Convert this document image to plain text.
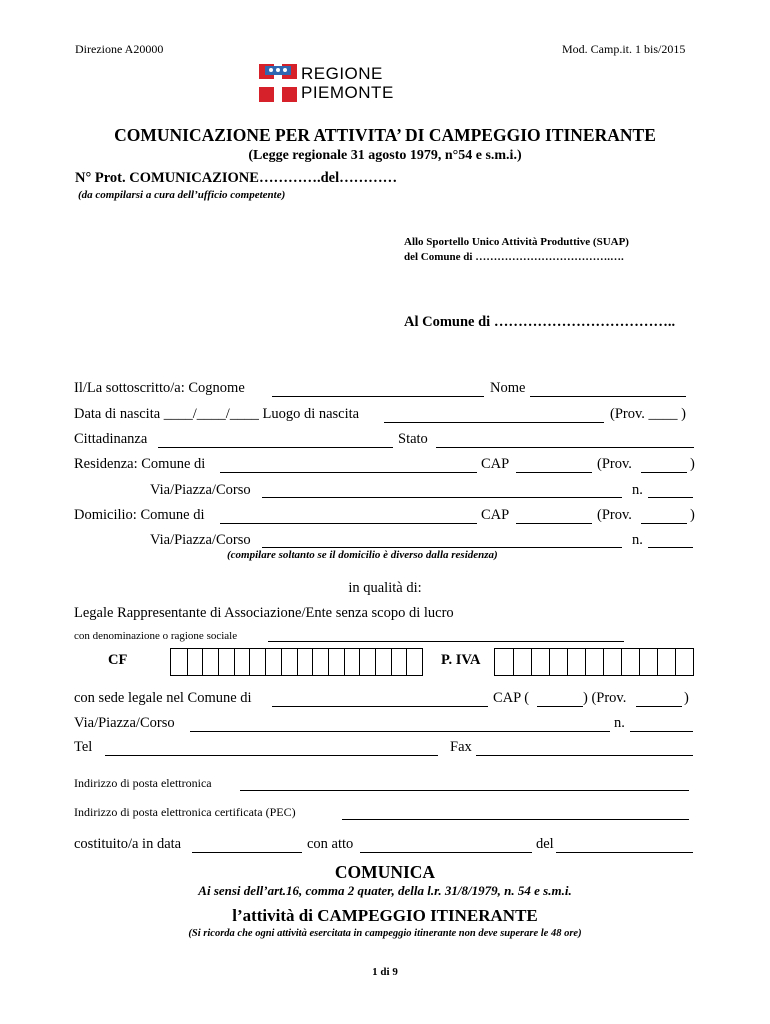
Direzione A20000	Mod. Camp.it. 1 bis/2015
REGIONE
PIEMONTE
COMUNICAZIONE PER ATTIVITA’ DI CAMPEGGIO ITINERANTE
(Legge regionale 31 agosto 1979, n°54 e s.m.i.)
N° Prot. COMUNICAZIONE………….del…………
(da compilarsi a cura dell’ufficio competente)
Allo Sportello Unico Attività Produttive (SUAP)
del Comune di ……………………………….….
Al Comune di ………………………………..
Il/La sottoscritto/a: Cognome	Nome
Data di nascita ____/____/____ Luogo di nascita	(Prov. ____ )
Cittadinanza	Stato
Residenza: Comune di	CAP	(Prov.	)
Via/Piazza/Corso	n.
Domicilio: Comune di	CAP	(Prov.	)
Via/Piazza/Corso	n.
(compilare soltanto se il domicilio è diverso dalla residenza)
in qualità di:
Legale Rappresentante di Associazione/Ente senza scopo di lucro
con denominazione o ragione sociale
CF	P. IVA
con sede legale nel Comune di	CAP (	) (Prov.	)
Via/Piazza/Corso	n.
Tel	Fax
Indirizzo di posta elettronica
Indirizzo di posta elettronica certificata (PEC)
costituito/a in data	con atto	del
COMUNICA
Ai sensi dell’art.16, comma 2 quater, della l.r. 31/8/1979, n. 54 e s.m.i.
l’attività di CAMPEGGIO ITINERANTE
(Si ricorda che ogni attività esercitata in campeggio itinerante non deve superare le 48 ore)
1 di 9
